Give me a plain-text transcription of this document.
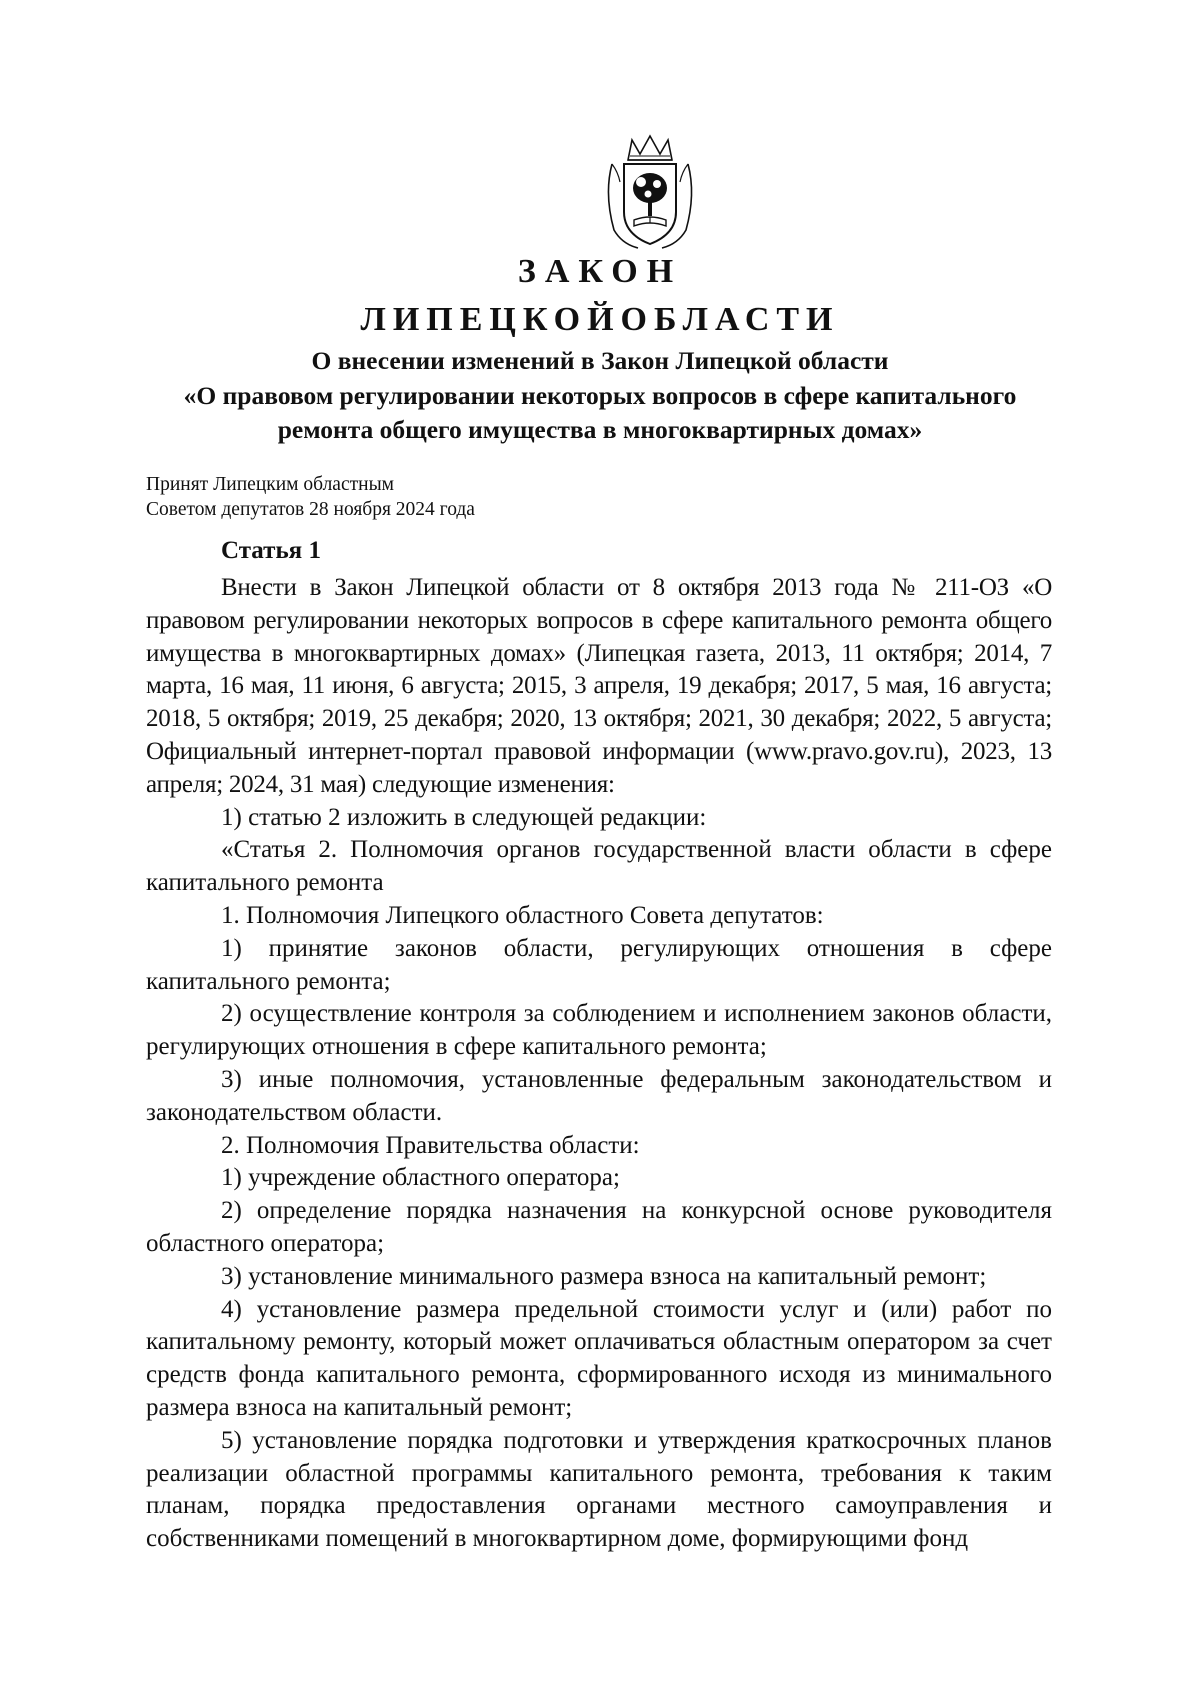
ЗАКОН
ЛИПЕЦКОЙОБЛАСТИ
О внесении изменений в Закон Липецкой области
«О правовом регулировании некоторых вопросов в сфере капитального
ремонта общего имущества в многоквартирных домах»
Принят Липецким областным
Советом депутатов 28 ноября 2024 года
Статья 1

Внести в Закон Липецкой области от 8 октября 2013 года № 211-ОЗ «О правовом регулировании некоторых вопросов в сфере капитального ремонта общего имущества в многоквартирных домах» (Липецкая газета, 2013, 11 октября; 2014, 7 марта, 16 мая, 11 июня, 6 августа; 2015, 3 апреля, 19 декабря; 2017, 5 мая, 16 августа; 2018, 5 октября; 2019, 25 декабря; 2020, 13 октября; 2021, 30 декабря; 2022, 5 августа; Официальный интернет-портал правовой информации (www.pravo.gov.ru), 2023, 13 апреля; 2024, 31 мая) следующие изменения:

1) статью 2 изложить в следующей редакции:

«Статья 2. Полномочия органов государственной власти области в сфере капитального ремонта

1. Полномочия Липецкого областного Совета депутатов:

1) принятие законов области, регулирующих отношения в сфере капитального ремонта;

2) осуществление контроля за соблюдением и исполнением законов области, регулирующих отношения в сфере капитального ремонта;

3) иные полномочия, установленные федеральным законодательством и законодательством области.

2. Полномочия Правительства области:

1) учреждение областного оператора;

2) определение порядка назначения на конкурсной основе руководителя областного оператора;

3) установление минимального размера взноса на капитальный ремонт;

4) установление размера предельной стоимости услуг и (или) работ по капитальному ремонту, который может оплачиваться областным оператором за счет средств фонда капитального ремонта, сформированного исходя из минимального размера взноса на капитальный ремонт;

5) установление порядка подготовки и утверждения краткосрочных планов реализации областной программы капитального ремонта, требования к таким планам, порядка предоставления органами местного самоуправления и собственниками помещений в многоквартирном доме, формирующими фонд
